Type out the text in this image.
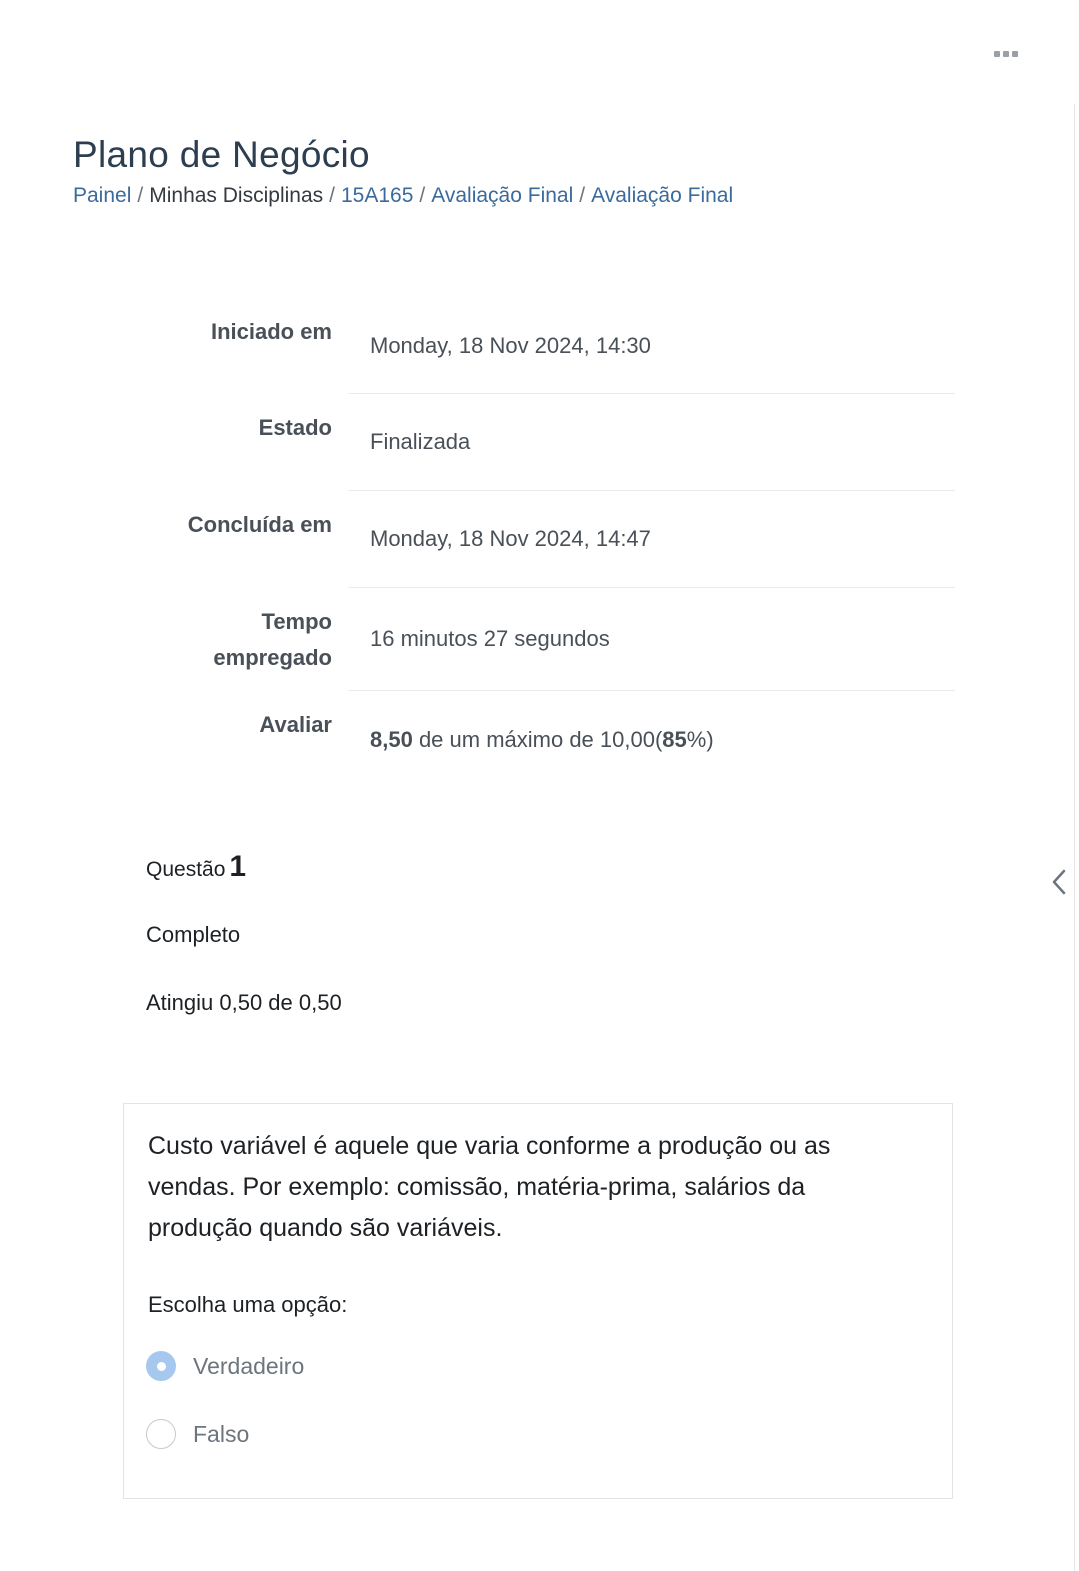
Plano de Negócio
Painel / Minhas Disciplinas / 15A165 / Avaliação Final / Avaliação Final
Iniciado em
Monday, 18 Nov 2024, 14:30
Estado
Finalizada
Concluída em
Monday, 18 Nov 2024, 14:47
Tempo
empregado
16 minutos 27 segundos
Avaliar
8,50 de um máximo de 10,00(85%)
Questão 1
Completo
Atingiu 0,50 de 0,50

Custo variável é aquele que varia conforme a produção ou as vendas. Por exemplo: comissão, matéria-prima, salários da produção quando são variáveis.

Escolha uma opção:
Verdadeiro
Falso
